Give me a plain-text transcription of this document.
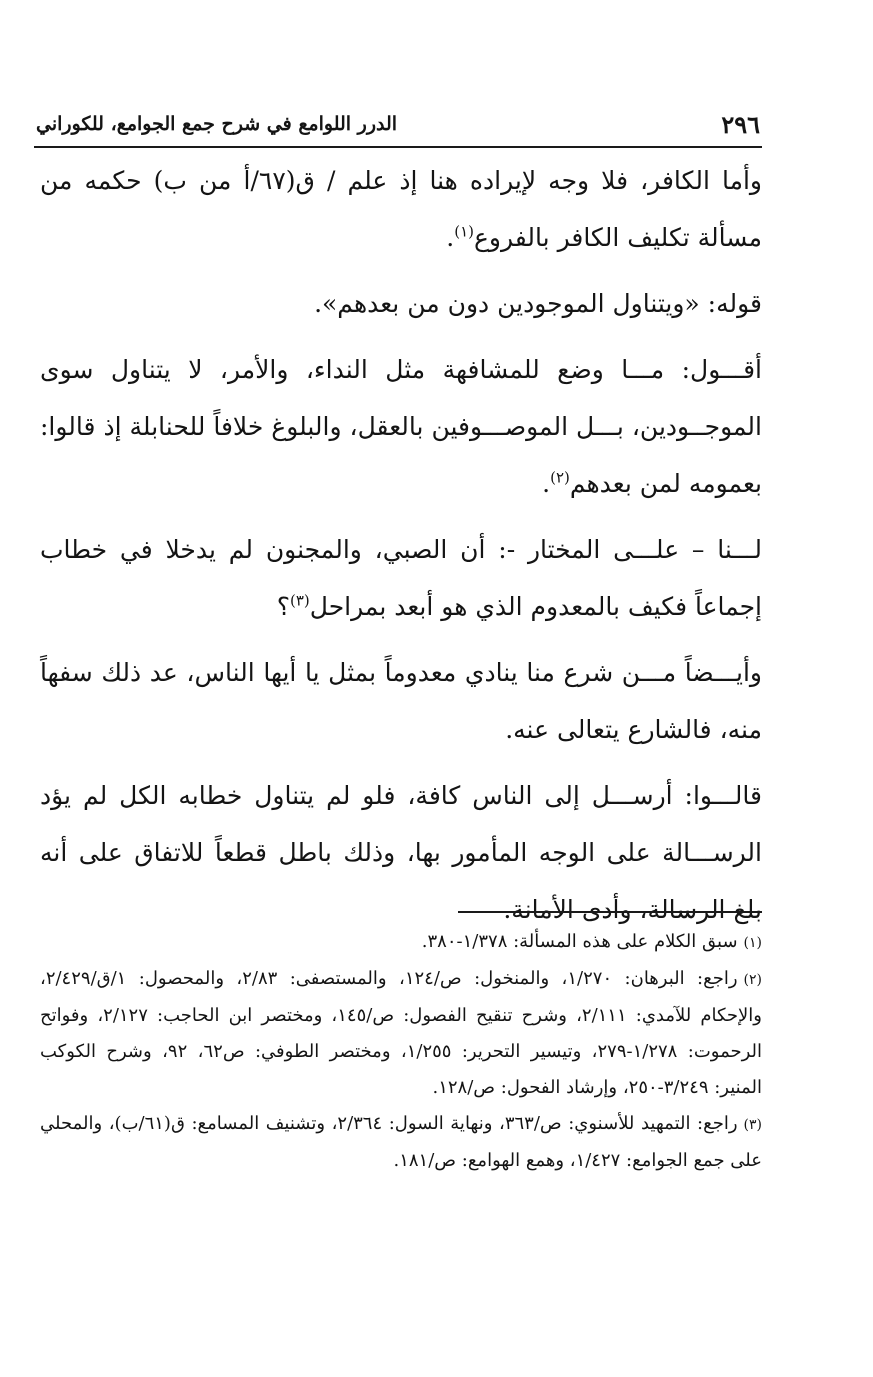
٢٩٦
الدرر اللوامع في شرح جمع الجوامع، للكوراني

وأما الكافر، فلا وجه لإيراده هنا إذ علم / ق(٦٧/أ من ب) حكمه من مسألة تكليف الكافر بالفروع$^{(١)}$.

قوله: «ويتناول الموجودين دون من بعدهم».

أقـــول: مـــا وضع للمشافهة مثل النداء، والأمر، لا يتناول سوى الموجــودين، بـــل الموصـــوفين بالعقل، والبلوغ خلافاً للحنابلة إذ قالوا: بعمومه لمن بعدهم$^{(٢)}$.

لـــنا – علـــى المختار -: أن الصبي، والمجنون لم يدخلا في خطاب إجماعاً فكيف بالمعدوم الذي هو أبعد بمراحل$^{(٣)}$؟

وأيـــضاً مـــن شرع منا ينادي معدوماً بمثل يا أيها الناس، عد ذلك سفهاً منه، فالشارع يتعالى عنه.

قالـــوا: أرســـل إلى الناس كافة، فلو لم يتناول خطابه الكل لم يؤد الرســـالة على الوجه المأمور بها، وذلك باطل قطعاً للاتفاق على أنه بلغ الرسالة، وأدى الأمانة.

(١)سبق الكلام على هذه المسألة: ١/٣٧٨-٣٨٠.

(٢)راجع: البرهان: ١/٢٧٠، والمنخول: ص/١٢٤، والمستصفى: ٢/٨٣، والمحصول: ١/ق/٢/٤٢٩، والإحكام للآمدي: ٢/١١١، وشرح تنقيح الفصول: ص/١٤٥، ومختصر ابن الحاجب: ٢/١٢٧، وفواتح الرحموت: ١/٢٧٨-٢٧٩، وتيسير التحرير: ١/٢٥٥، ومختصر الطوفي: ص٦٢، ٩٢، وشرح الكوكب المنير: ٣/٢٤٩-٢٥٠، وإرشاد الفحول: ص/١٢٨.

(٣)راجع: التمهيد للأسنوي: ص/٣٦٣، ونهاية السول: ٢/٣٦٤، وتشنيف المسامع: ق(٦١/ب)، والمحلي على جمع الجوامع: ١/٤٢٧، وهمع الهوامع: ص/١٨١.
